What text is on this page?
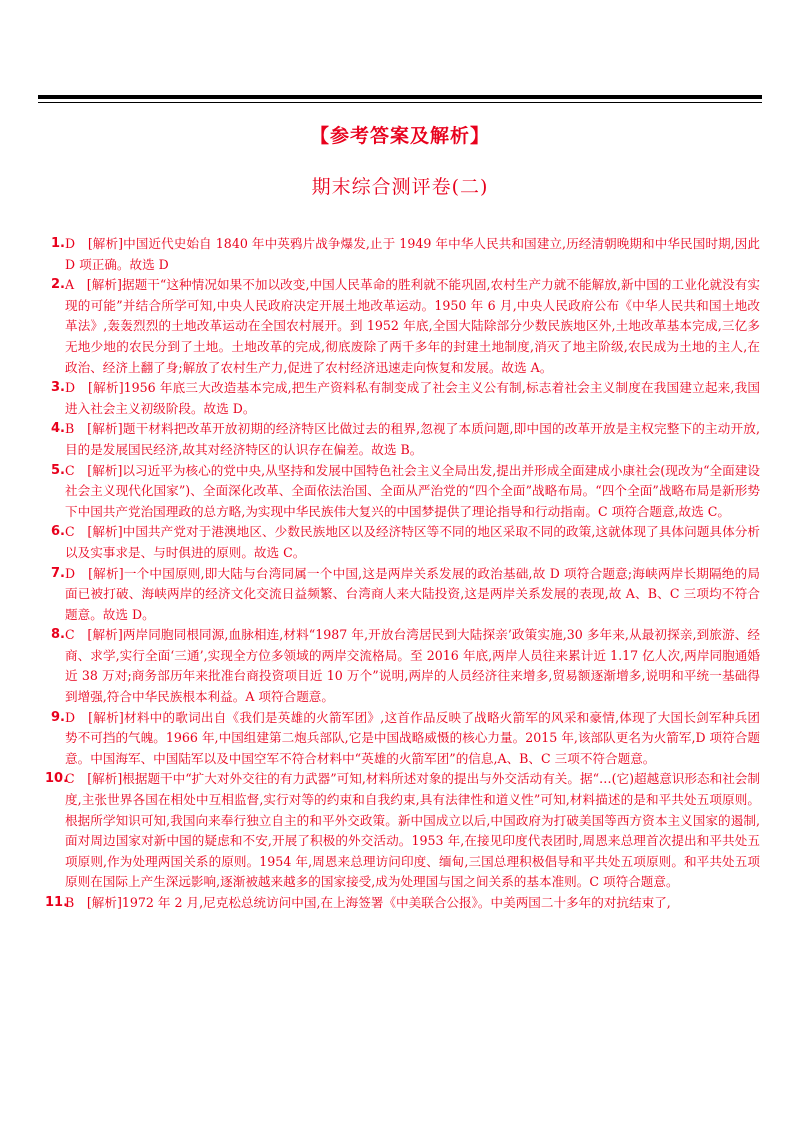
【参考答案及解析】
期末综合测评卷(二)
1. D　[解析]中国近代史始自 1840 年中英鸦片战争爆发,止于 1949 年中华人民共和国建立,历经清朝晚期和中华民国时期,因此 D 项正确。故选 D
2. A　[解析]据题干“这种情况如果不加以改变,中国人民革命的胜利就不能巩固,农村生产力就不能解放,新中国的工业化就没有实现的可能”并结合所学可知,中央人民政府决定开展土地改革运动。1950 年 6 月,中央人民政府公布《中华人民共和国土地改革法》,轰轰烈烈的土地改革运动在全国农村展开。到 1952 年底,全国大陆除部分少数民族地区外,土地改革基本完成,三亿多无地少地的农民分到了土地。土地改革的完成,彻底废除了两千多年的封建土地制度,消灭了地主阶级,农民成为土地的主人,在政治、经济上翻了身;解放了农村生产力,促进了农村经济迅速走向恢复和发展。故选 A。
3. D　[解析]1956 年底三大改造基本完成,把生产资料私有制变成了社会主义公有制,标志着社会主义制度在我国建立起来,我国进入社会主义初级阶段。故选 D。
4. B　[解析]题干材料把改革开放初期的经济特区比做过去的租界,忽视了本质问题,即中国的改革开放是主权完整下的主动开放,目的是发展国民经济,故其对经济特区的认识存在偏差。故选 B。
5. C　[解析]以习近平为核心的党中央,从坚持和发展中国特色社会主义全局出发,提出并形成全面建成小康社会(现改为“全面建设社会主义现代化国家”)、全面深化改革、全面依法治国、全面从严治党的“四个全面”战略布局。“四个全面”战略布局是新形势下中国共产党治国理政的总方略,为实现中华民族伟大复兴的中国梦提供了理论指导和行动指南。C 项符合题意,故选 C。
6. C　[解析]中国共产党对于港澳地区、少数民族地区以及经济特区等不同的地区采取不同的政策,这就体现了具体问题具体分析以及实事求是、与时俱进的原则。故选 C。
7. D　[解析]一个中国原则,即大陆与台湾同属一个中国,这是两岸关系发展的政治基础,故 D 项符合题意;海峡两岸长期隔绝的局面已被打破、海峡两岸的经济文化交流日益频繁、台湾商人来大陆投资,这是两岸关系发展的表现,故 A、B、C 三项均不符合题意。故选 D。
8. C　[解析]两岸同胞同根同源,血脉相连,材料“1987 年,开放台湾居民到大陆探亲’政策实施,30 多年来,从最初探亲,到旅游、经商、求学,实行全面‘三通’,实现全方位多领域的两岸交流格局。至 2016 年底,两岸人员往来累计近 1.17 亿人次,两岸同胞通婚近 38 万对;商务部历年来批准台商投资项目近 10 万个”说明,两岸的人员经济往来增多,贸易额逐渐增多,说明和平统一基础得到增强,符合中华民族根本利益。A 项符合题意。
9. D　[解析]材料中的歌词出自《我们是英雄的火箭军团》,这首作品反映了战略火箭军的风采和豪情,体现了大国长剑军种兵团势不可挡的气魄。1966 年,中国组建第二炮兵部队,它是中国战略威慑的核心力量。2015 年,该部队更名为火箭军,D 项符合题意。中国海军、中国陆军以及中国空军不符合材料中“英雄的火箭军团”的信息,A、B、C 三项不符合题意。
10.
C　[解析]根据题干中“扩大对外交往的有力武器”可知,材料所述对象的提出与外交活动有关。据“…(它)超越意识形态和社会制度,主张世界各国在相处中互相监督,实行对等的约束和自我约束,具有法律性和道义性”可知,材料描述的是和平共处五项原则。根据所学知识可知,我国向来奉行独立自主的和平外交政策。新中国成立以后,中国政府为打破美国等西方资本主义国家的遏制,面对周边国家对新中国的疑虑和不安,开展了积极的外交活动。1953 年,在接见印度代表团时,周恩来总理首次提出和平共处五项原则,作为处理两国关系的原则。1954 年,周恩来总理访问印度、缅甸,三国总理积极倡导和平共处五项原则。和平共处五项原则在国际上产生深远影响,逐渐被越来越多的国家接受,成为处理国与国之间关系的基本准则。C 项符合题意。
11.
B　[解析]1972 年 2 月,尼克松总统访问中国,在上海签署《中美联合公报》。中美两国二十多年的对抗结束了,
